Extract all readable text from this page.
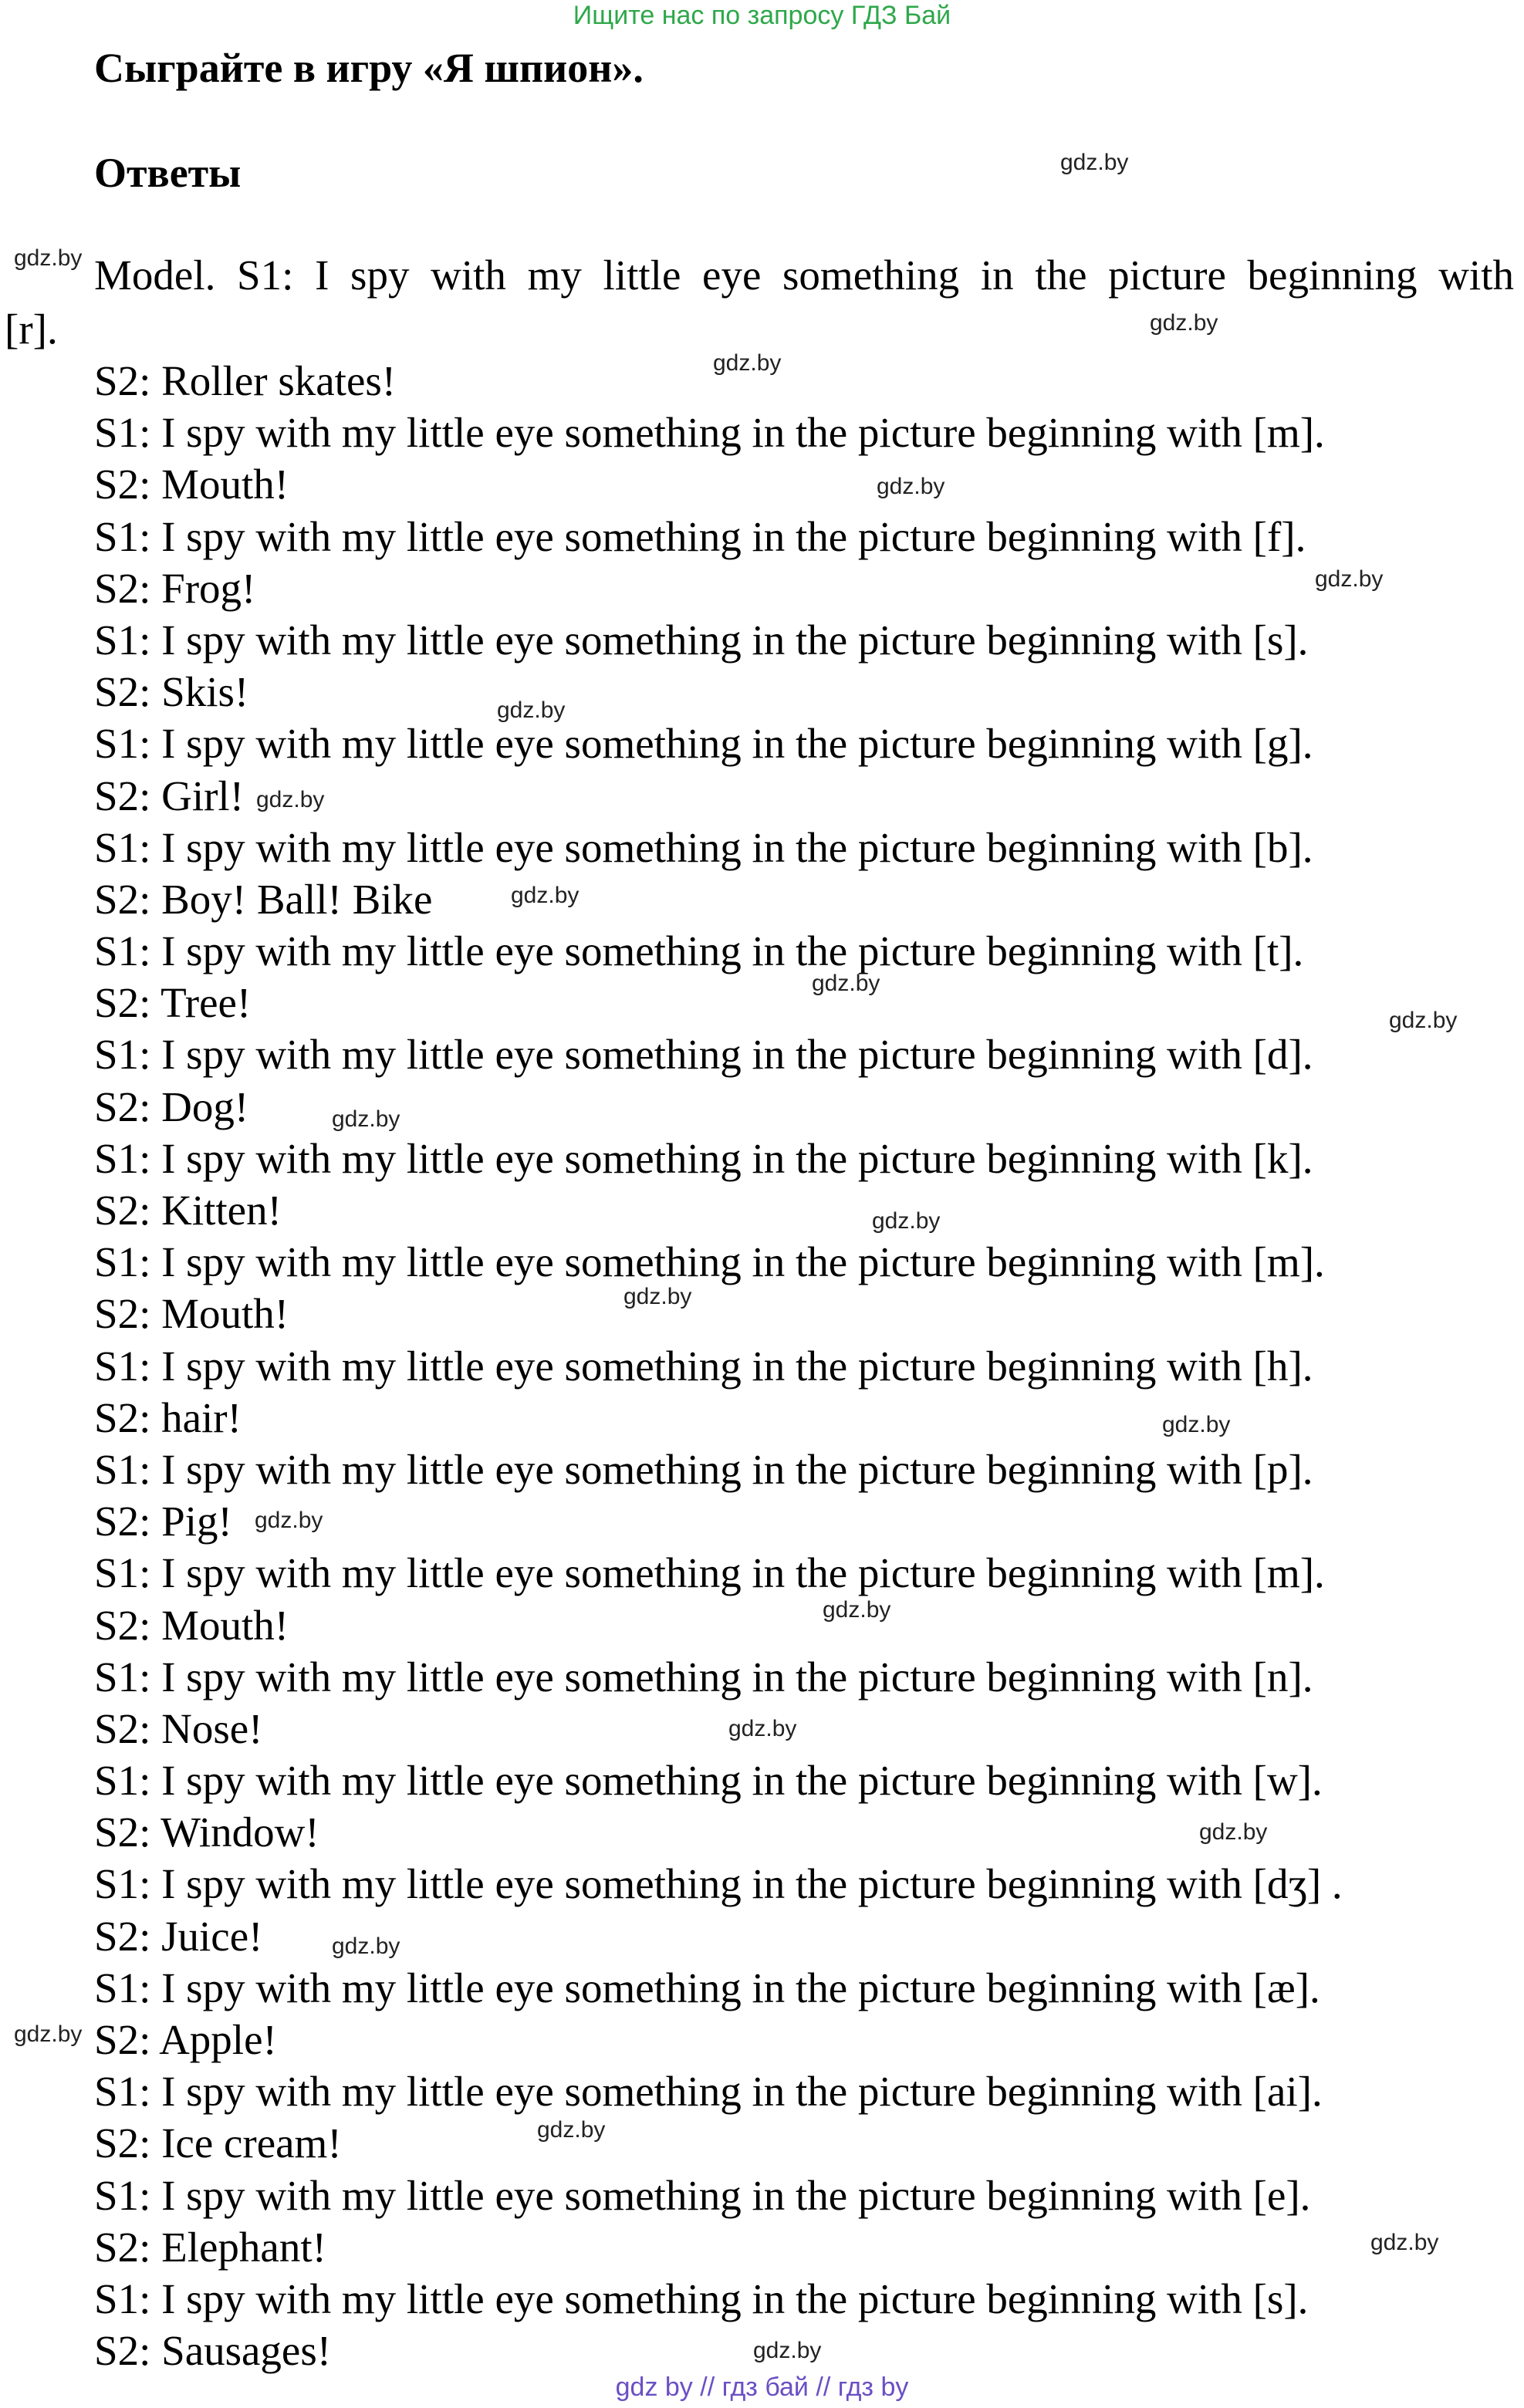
Ищите нас по запросу ГДЗ Бай
Сыграйте в игру «Я шпион».
Ответы
Model. S1: I spy with my little eye something in the picture beginning with
[r].
S2: Roller skates!
S1: I spy with my little eye something in the picture beginning with [m].
S2: Mouth!
S1: I spy with my little eye something in the picture beginning with [f].
S2: Frog!
S1: I spy with my little eye something in the picture beginning with [s].
S2: Skis!
S1: I spy with my little eye something in the picture beginning with [g].
S2: Girl!
S1: I spy with my little eye something in the picture beginning with [b].
S2: Boy! Ball! Bike
S1: I spy with my little eye something in the picture beginning with [t].
S2: Tree!
S1: I spy with my little eye something in the picture beginning with [d].
S2: Dog!
S1: I spy with my little eye something in the picture beginning with [k].
S2: Kitten!
S1: I spy with my little eye something in the picture beginning with [m].
S2: Mouth!
S1: I spy with my little eye something in the picture beginning with [h].
S2: hair!
S1: I spy with my little eye something in the picture beginning with [p].
S2: Pig!
S1: I spy with my little eye something in the picture beginning with [m].
S2: Mouth!
S1: I spy with my little eye something in the picture beginning with [n].
S2: Nose!
S1: I spy with my little eye something in the picture beginning with [w].
S2: Window!
S1: I spy with my little eye something in the picture beginning with [dʒ] .
S2: Juice!
S1: I spy with my little eye something in the picture beginning with [æ].
S2: Apple!
S1: I spy with my little eye something in the picture beginning with [ai].
S2: Ice cream!
S1: I spy with my little eye something in the picture beginning with [e].
S2: Elephant!
S1: I spy with my little eye something in the picture beginning with [s].
S2: Sausages!
gdz.by
gdz.by
gdz.by
gdz.by
gdz.by
gdz.by
gdz.by
gdz.by
gdz.by
gdz.by
gdz.by
gdz.by
gdz.by
gdz.by
gdz.by
gdz.by
gdz.by
gdz.by
gdz.by
gdz.by
gdz.by
gdz.by
gdz.by
gdz.by
gdz by // гдз бай // гдз by
